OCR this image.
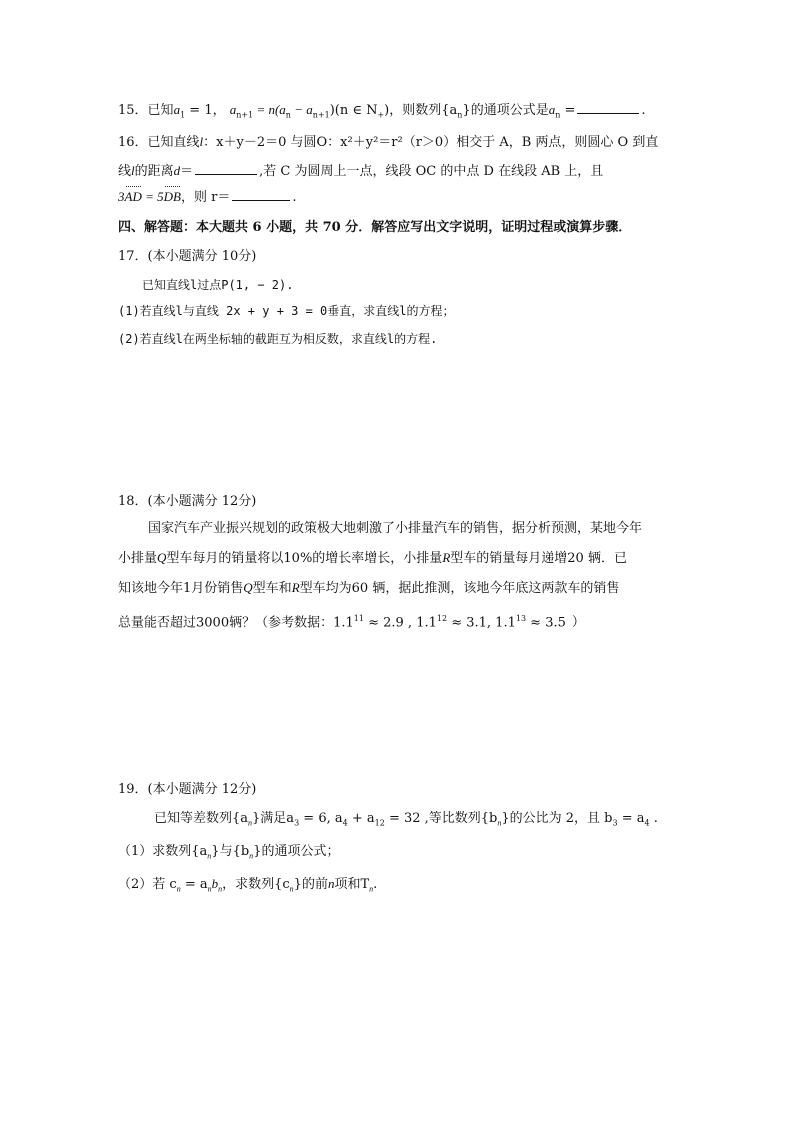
15．已知$a_1 = 1$， $a_{n+1} = n(a_n - a_{n+1})(n$ ∈ $N_+$)，则数列$\{a_n\}$的通项公式是$a_n$ =	.
16．已知直线l：x＋y－2＝0 与圆O：x²＋y²＝r²（r＞0）相交于 A，B 两点，则圆心 O 到直
线l的距离d＝	,若 C 为圆周上一点，线段 OC 的中点 D 在线段 AB 上，且
3AD = 5DB，则 r＝	.
四、解答题：本大题共 6 小题，共 70 分．解答应写出文字说明，证明过程或演算步骤．
17．(本小题满分 10分)
已知直线l过点P(1, − 2).
(1)若直线l与直线 2x + y + 3 = 0垂直，求直线l的方程；
(2)若直线l在两坐标轴的截距互为相反数，求直线l的方程.
18．(本小题满分 12分)
国家汽车产业振兴规划的政策极大地刺激了小排量汽车的销售，据分析预测，某地今年
小排量Q型车每月的销量将以10%的增长率增长，小排量R型车的销量每月递增20 辆．已
知该地今年1月份销售Q型车和R型车均为60 辆，据此推测，该地今年底这两款车的销售
总量能否超过3000辆？（参考数据：$1.1^{11} \approx 2.9$ , $1.1^{12} \approx 3.1$, $1.1^{13} \approx 3.5$ ）
19．(本小题满分 12分)
已知等差数列$\{a_n\}$满足$a_3 = 6$, $a_4 + a_{12} = 32$ ,等比数列$\{b_n\}$的公比为 2，且 $b_3 = a_4$ .
（1）求数列$\{a_n\}$与$\{b_n\}$的通项公式；
（2）若 $c_n = a_nb_n$，求数列$\{c_n\}$的前n项和$T_n$.
